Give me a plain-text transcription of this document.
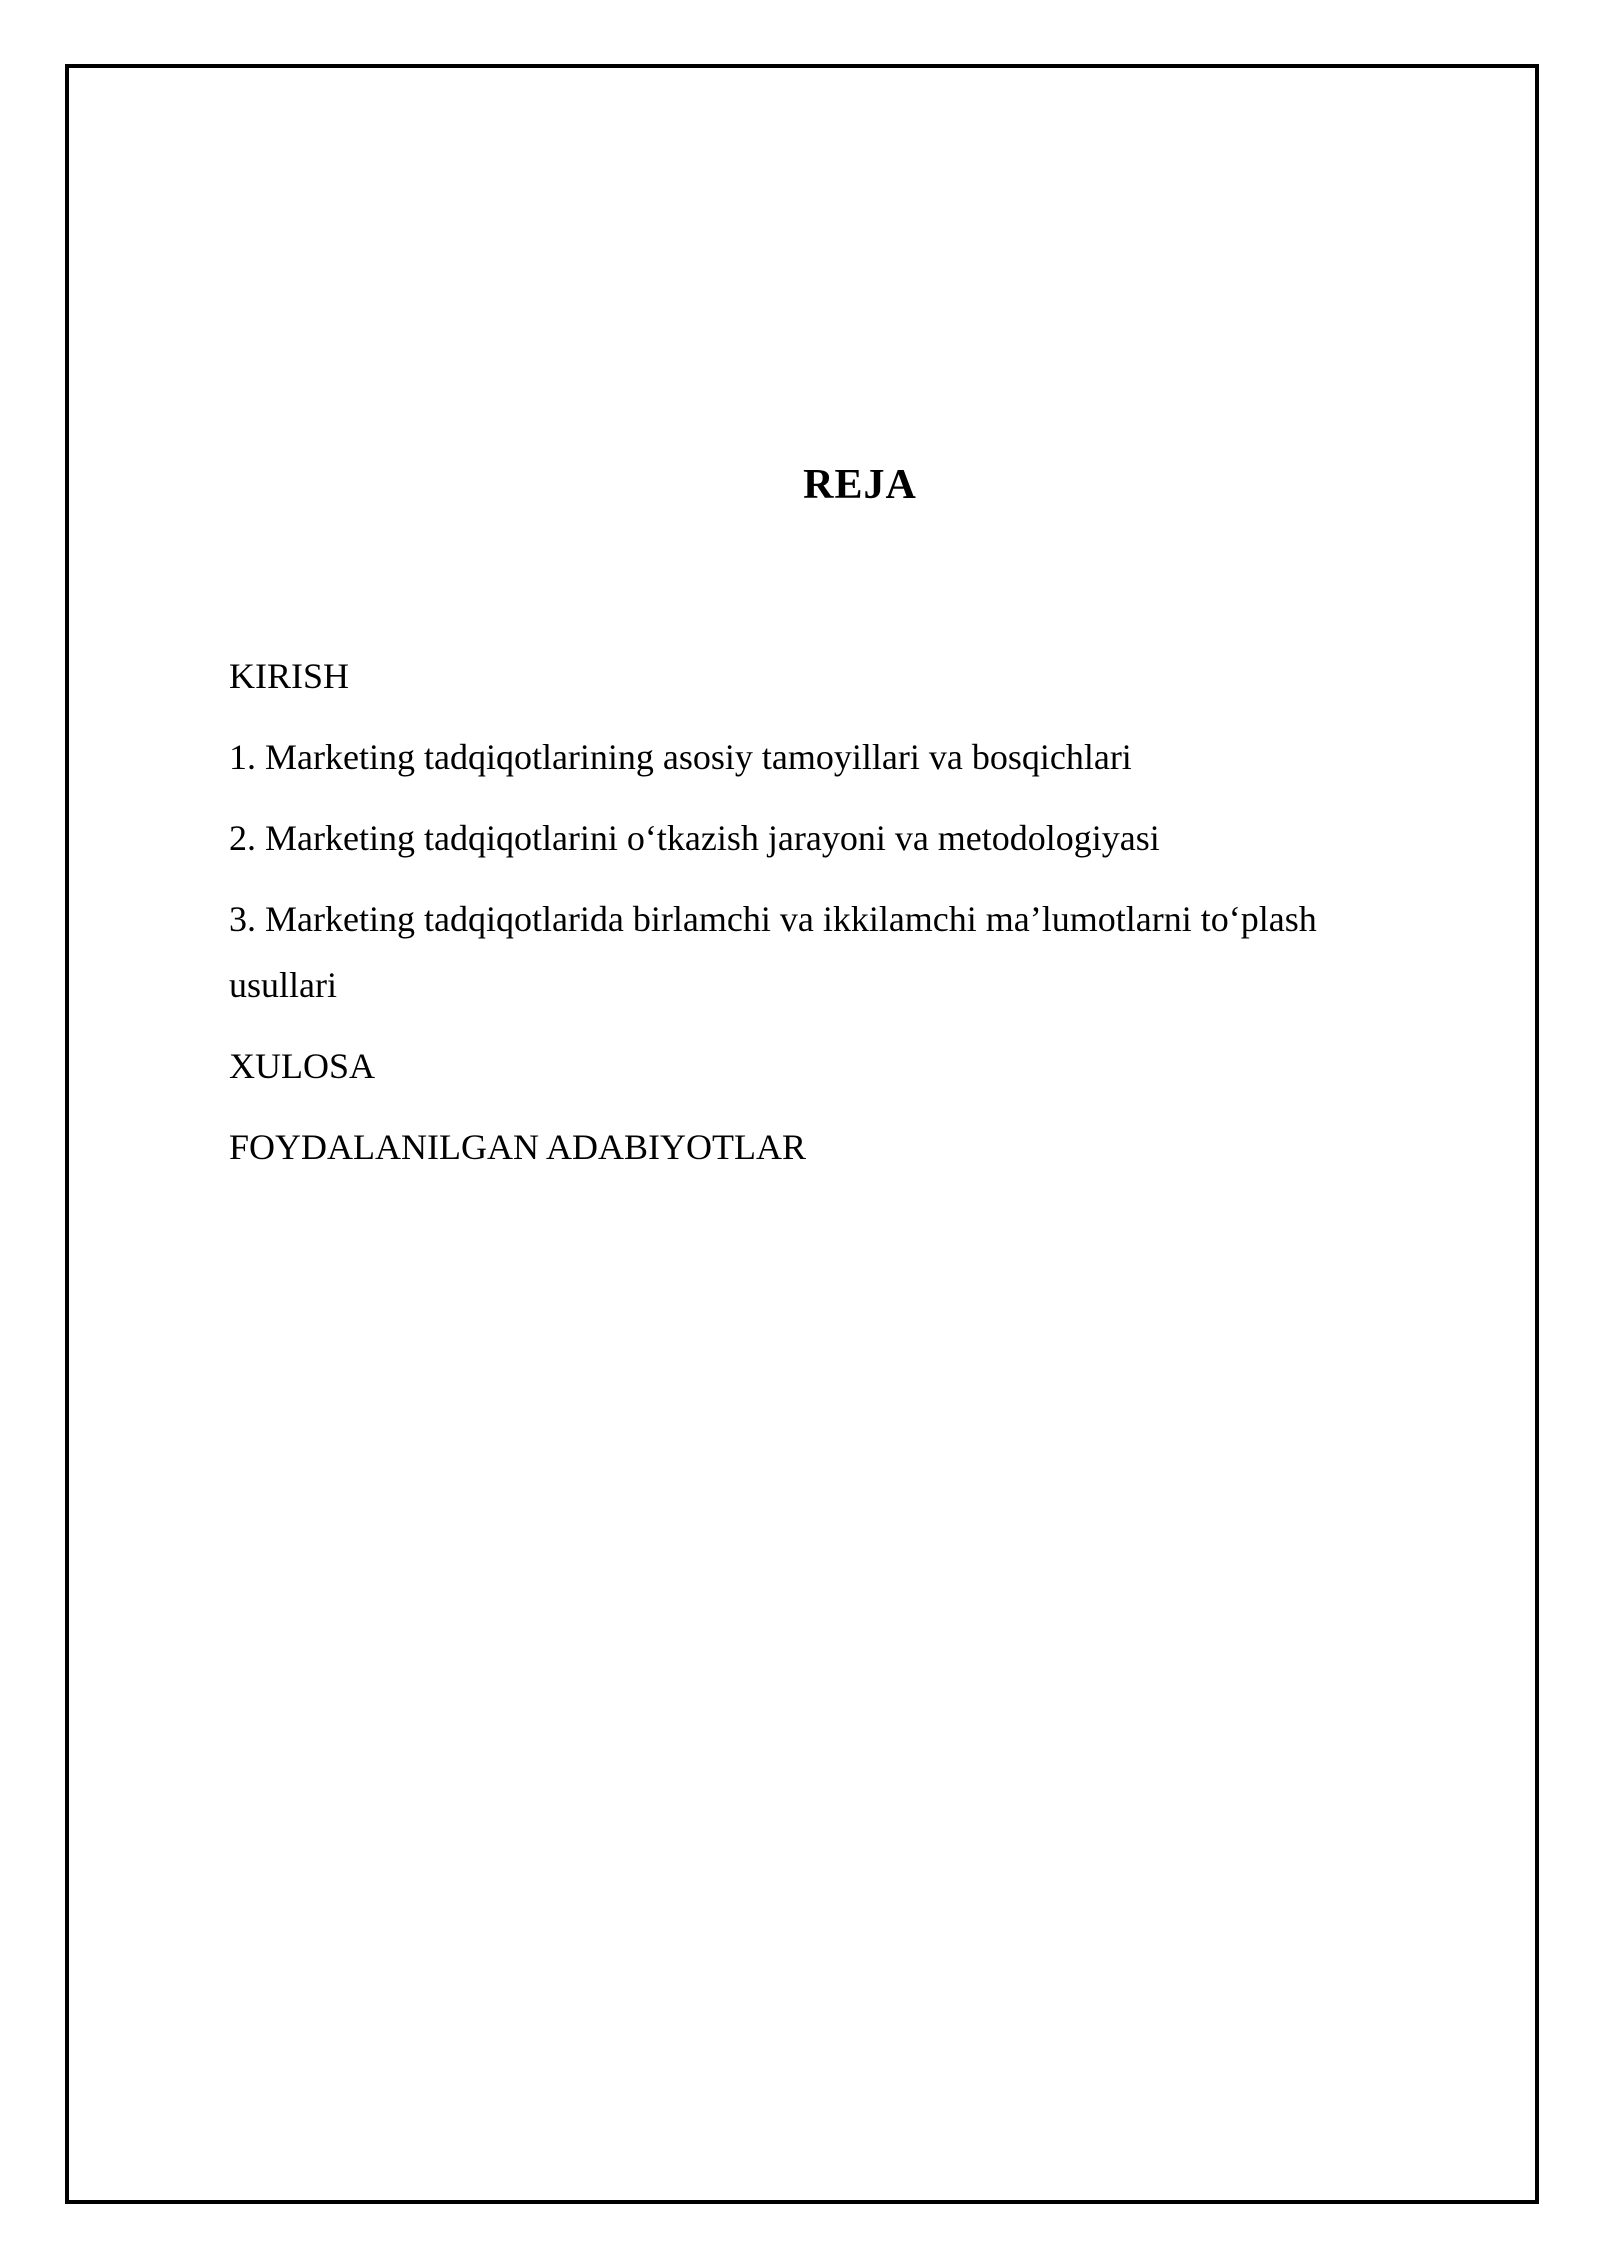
REJA
KIRISH
1. Marketing tadqiqotlarining asosiy tamoyillari va bosqichlari
2. Marketing tadqiqotlarini o‘tkazish jarayoni va metodologiyasi
3. Marketing tadqiqotlarida birlamchi va ikkilamchi ma’lumotlarni to‘plash usullari
XULOSA
FOYDALANILGAN ADABIYOTLAR
